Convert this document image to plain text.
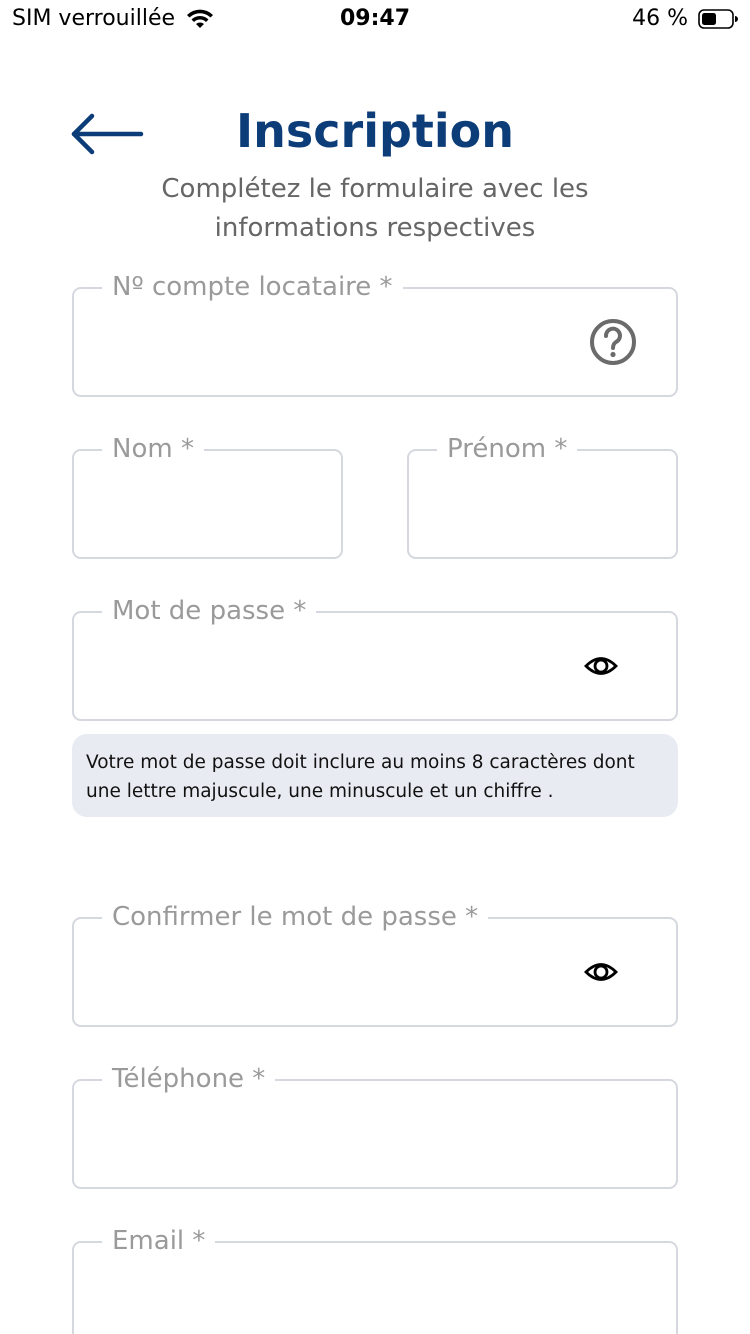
SIM verrouillée	09:47	46 %
Inscription

Complétez le formulaire avec les informations respectives

Nº compte locataire *
Nom *	Prénom *
Mot de passe *
Votre mot de passe doit inclure au moins 8 caractères dont une lettre majuscule, une minuscule et un chiffre .
Confirmer le mot de passe *
Téléphone *
Email *
